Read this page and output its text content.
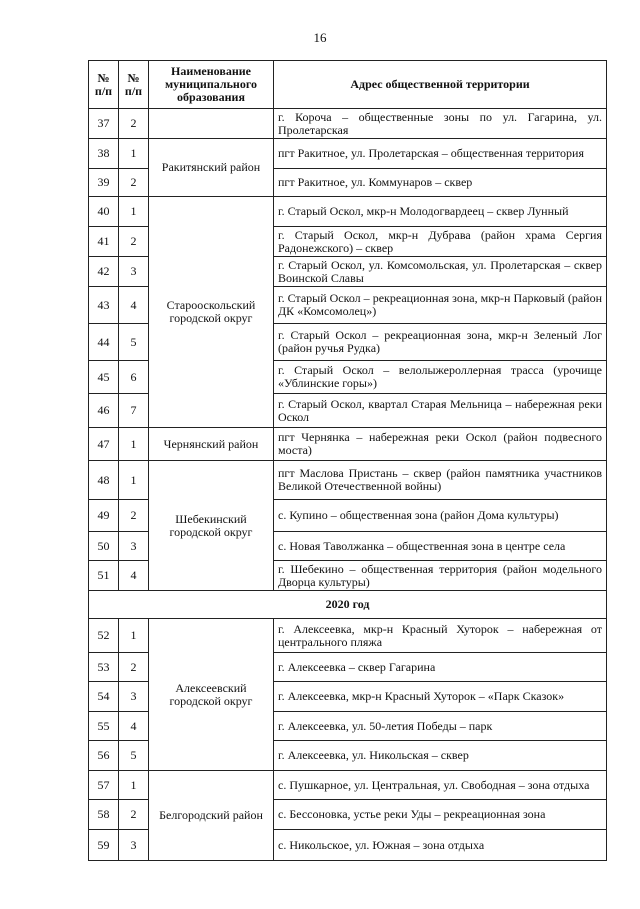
16
№ п/п	№ п/п	Наименование муниципального образования	Адрес общественной территории
37	2		г. Короча – общественные зоны по ул. Гагарина, ул. Пролетарская
38	1	Ракитянский район	пгт Ракитное, ул. Пролетарская – общественная территория
39	2		пгт Ракитное, ул. Коммунаров – сквер
40	1	Старооскольский городской округ	г. Старый Оскол, мкр-н Молодогвардеец – сквер Лунный
41	2		г. Старый Оскол, мкр-н Дубрава (район храма Сергия Радонежского) – сквер
42	3		г. Старый Оскол, ул. Комсомольская, ул. Пролетарская – сквер Воинской Славы
43	4		г. Старый Оскол – рекреационная зона, мкр-н Парковый (район ДК «Комсомолец»)
44	5		г. Старый Оскол – рекреационная зона, мкр-н Зеленый Лог (район ручья Рудка)
45	6		г. Старый Оскол – велолыжероллерная трасса (урочище «Ублинские горы»)
46	7		г. Старый Оскол, квартал Старая Мельница – набережная реки Оскол
47	1	Чернянский район	пгт Чернянка – набережная реки Оскол (район подвесного моста)
48	1	Шебекинский городской округ	пгт Маслова Пристань – сквер (район памятника участников Великой Отечественной войны)
49	2		с. Купино – общественная зона (район Дома культуры)
50	3		с. Новая Таволжанка – общественная зона в центре села
51	4		г. Шебекино – общественная территория (район модельного Дворца культуры)
2020 год			
52	1	Алексеевский городской округ	г. Алексеевка, мкр-н Красный Хуторок – набережная от центрального пляжа
53	2		г. Алексеевка – сквер Гагарина
54	3		г. Алексеевка, мкр-н Красный Хуторок – «Парк Сказок»
55	4		г. Алексеевка, ул. 50-летия Победы – парк
56	5		г. Алексеевка, ул. Никольская – сквер
57	1	Белгородский район	с. Пушкарное, ул. Центральная, ул. Свободная – зона отдыха
58	2		с. Бессоновка, устье реки Уды – рекреационная зона
59	3		с. Никольское, ул. Южная – зона отдыха
